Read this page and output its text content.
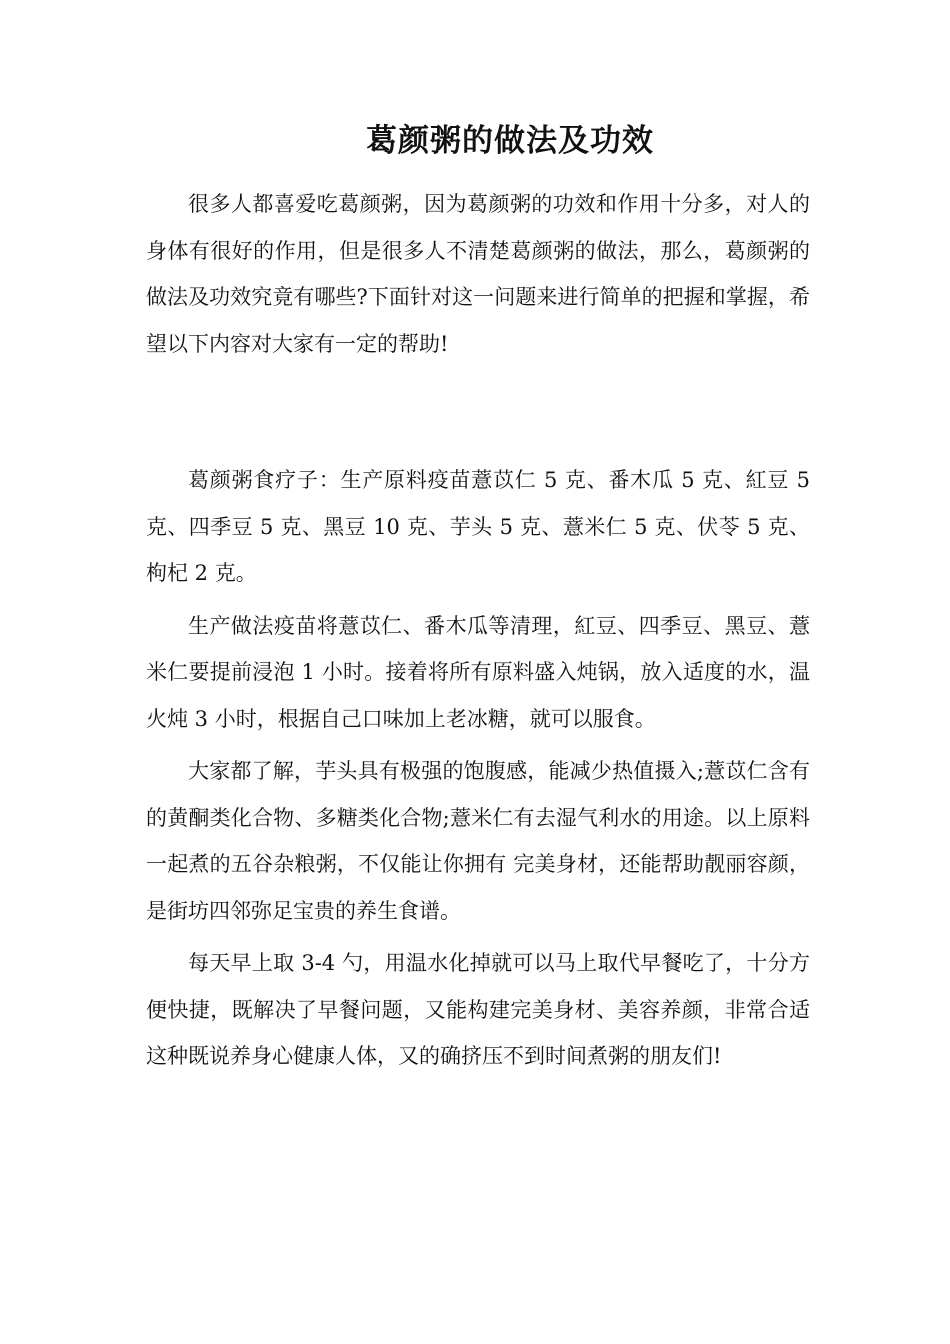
葛颜粥的做法及功效

很多人都喜爱吃葛颜粥，因为葛颜粥的功效和作用十分多，对人的身体有很好的作用，但是很多人不清楚葛颜粥的做法，那么，葛颜粥的做法及功效究竟有哪些?下面针对这一问题来进行简单的把握和掌握，希望以下内容对大家有一定的帮助!

葛颜粥食疗子：生产原料疫苗薏苡仁 5 克、番木瓜 5 克、紅豆 5 克、四季豆 5 克、黑豆 10 克、芋头 5 克、薏米仁 5 克、伏苓 5 克、枸杞 2 克。

生产做法疫苗将薏苡仁、番木瓜等清理，紅豆、四季豆、黑豆、薏米仁要提前浸泡 1 小时。接着将所有原料盛入炖锅，放入适度的水，温火炖 3 小时，根据自己口味加上老冰糖，就可以服食。

大家都了解，芋头具有极强的饱腹感，能减少热值摄入;薏苡仁含有的黄酮类化合物、多糖类化合物;薏米仁有去湿气利水的用途。以上原料一起煮的五谷杂粮粥，不仅能让你拥有 完美身材，还能帮助靓丽容颜，是街坊四邻弥足宝贵的养生食谱。

每天早上取 3-4 勺，用温水化掉就可以马上取代早餐吃了，十分方便快捷，既解决了早餐问题，又能构建完美身材、美容养颜，非常合适这种既说养身心健康人体，又的确挤压不到时间煮粥的朋友们!
